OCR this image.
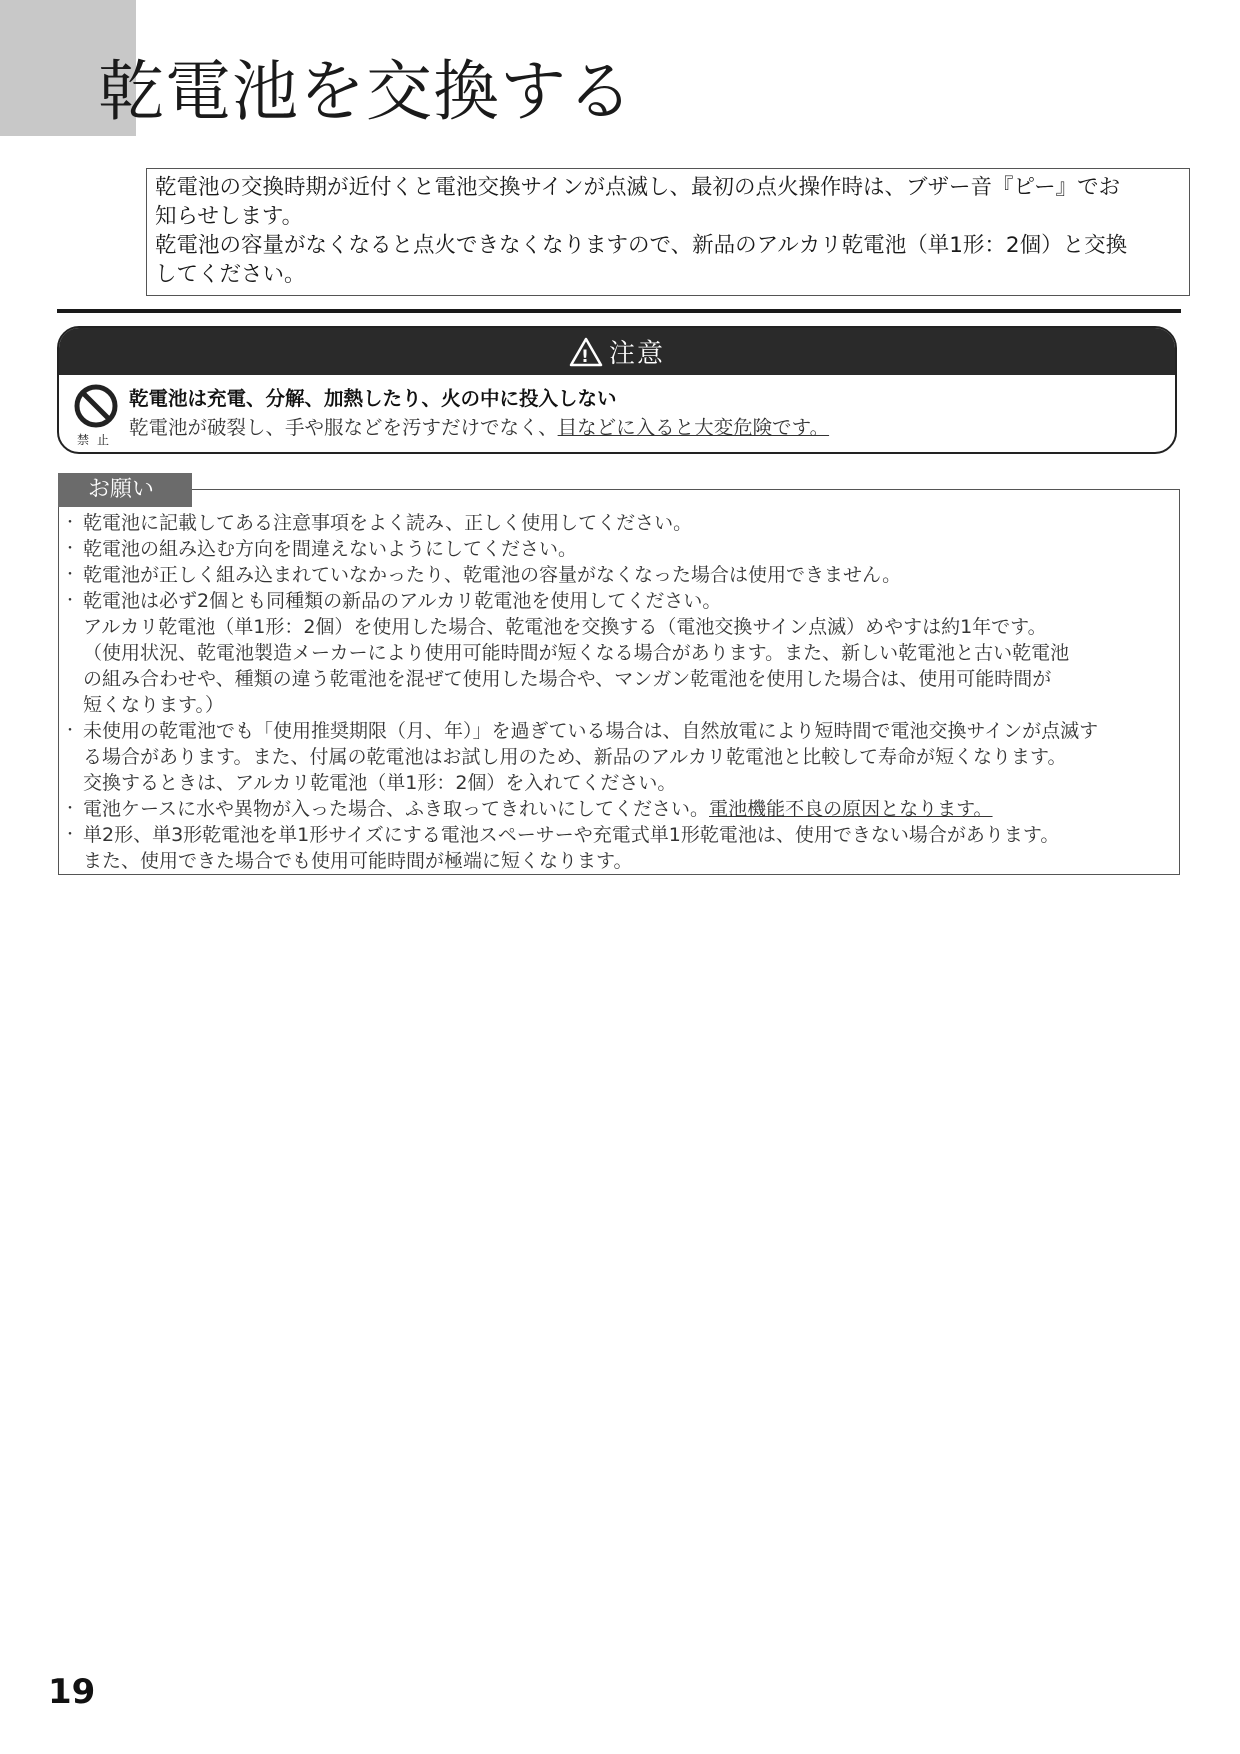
乾電池を交換する

乾電池の交換時期が近付くと電池交換サインが点滅し、最初の点火操作時は、ブザー音『ピー』でお

知らせします。

乾電池の容量がなくなると点火できなくなりますので、新品のアルカリ乾電池（単1形：2個）と交換

してください。

! 注意
禁止

乾電池は充電、分解、加熱したり、火の中に投入しない

乾電池が破裂し、手や服などを汚すだけでなく、目などに入ると大変危険です。

・ 乾電池に記載してある注意事項をよく読み、正しく使用してください。
・ 乾電池の組み込む方向を間違えないようにしてください。
・ 乾電池が正しく組み込まれていなかったり、乾電池の容量がなくなった場合は使用できません。
・ 乾電池は必ず2個とも同種類の新品のアルカリ乾電池を使用してください。
アルカリ乾電池（単1形：2個）を使用した場合、乾電池を交換する（電池交換サイン点滅）めやすは約1年です。
（使用状況、乾電池製造メーカーにより使用可能時間が短くなる場合があります。また、新しい乾電池と古い乾電池
の組み合わせや、種類の違う乾電池を混ぜて使用した場合や、マンガン乾電池を使用した場合は、使用可能時間が
短くなります。）
・ 未使用の乾電池でも「使用推奨期限（月、年）」を過ぎている場合は、自然放電により短時間で電池交換サインが点滅す
る場合があります。また、付属の乾電池はお試し用のため、新品のアルカリ乾電池と比較して寿命が短くなります。
交換するときは、アルカリ乾電池（単1形：2個）を入れてください。
・ 電池ケースに水や異物が入った場合、ふき取ってきれいにしてください。電池機能不良の原因となります。
・ 単2形、単3形乾電池を単1形サイズにする電池スペーサーや充電式単1形乾電池は、使用できない場合があります。
また、使用できた場合でも使用可能時間が極端に短くなります。
お願い

19
